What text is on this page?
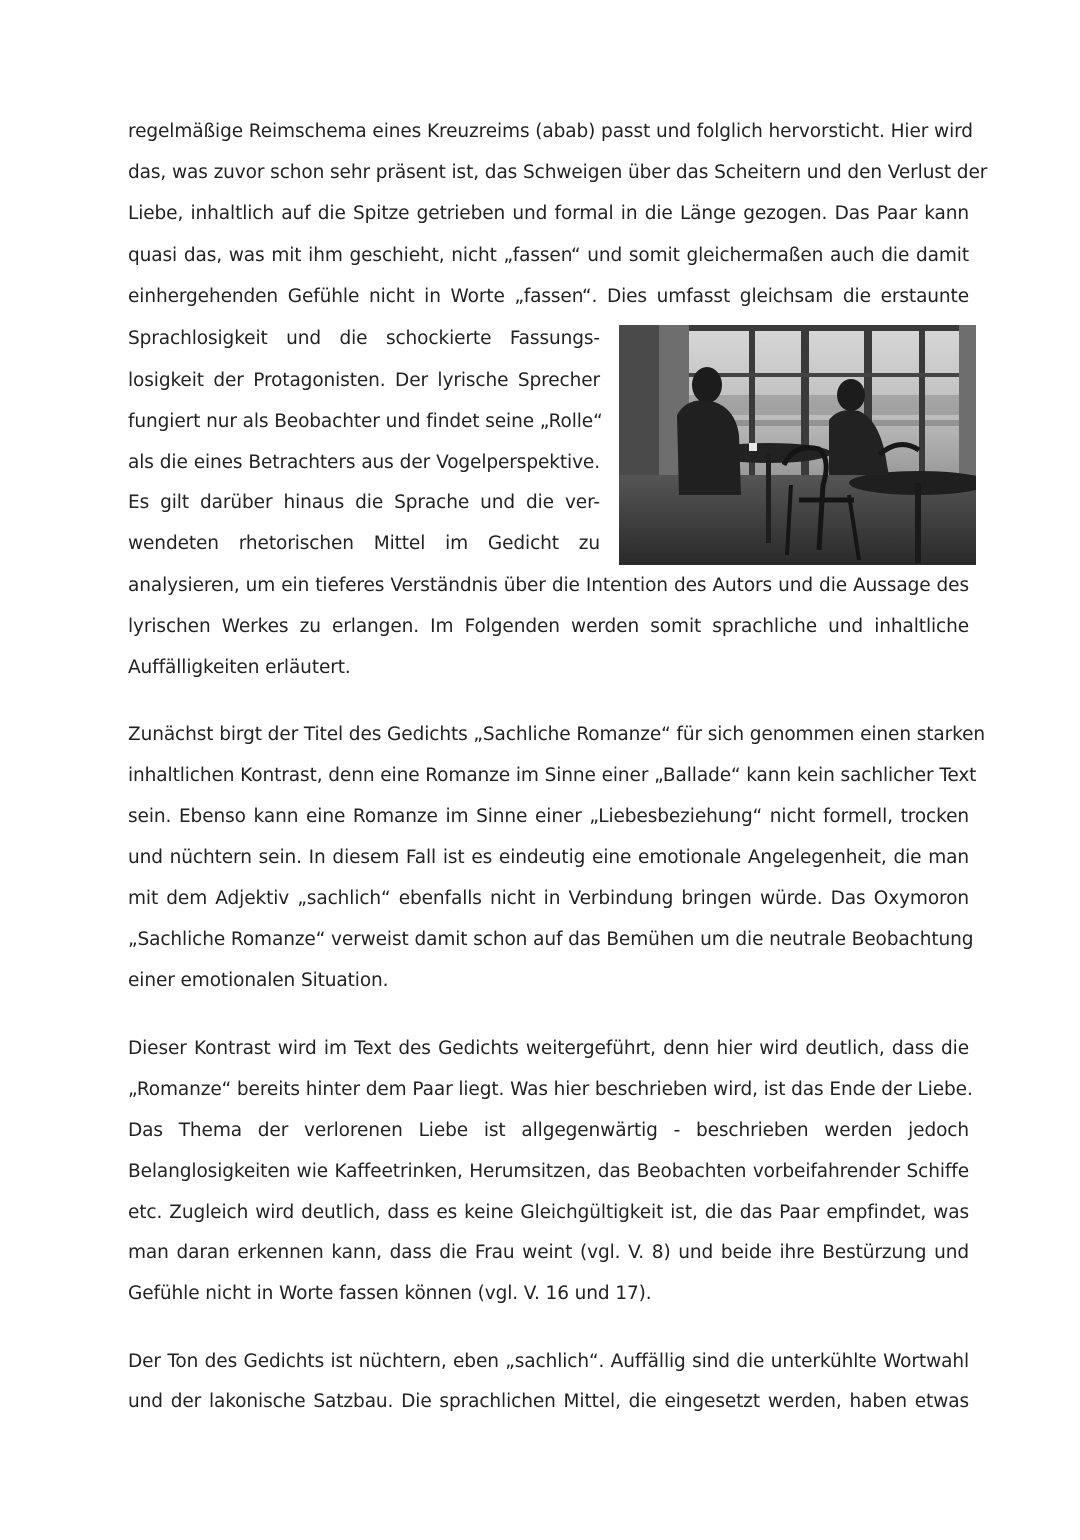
regelmäßige Reimschema eines Kreuzreims (abab) passt und folglich hervorsticht. Hier wird
das, was zuvor schon sehr präsent ist, das Schweigen über das Scheitern und den Verlust der
Liebe, inhaltlich auf die Spitze getrieben und formal in die Länge gezogen. Das Paar kann
quasi das, was mit ihm geschieht, nicht „fassen“ und somit gleichermaßen auch die damit
einhergehenden Gefühle nicht in Worte „fassen“. Dies umfasst gleichsam die erstaunte
Sprachlosigkeit und die schockierte Fassungs-
losigkeit der Protagonisten. Der lyrische Sprecher
fungiert nur als Beobachter und findet seine „Rolle“
als die eines Betrachters aus der Vogelperspektive.
Es gilt darüber hinaus die Sprache und die ver-
wendeten rhetorischen Mittel im Gedicht zu
analysieren, um ein tieferes Verständnis über die Intention des Autors und die Aussage des
lyrischen Werkes zu erlangen. Im Folgenden werden somit sprachliche und inhaltliche
Auffälligkeiten erläutert.
Zunächst birgt der Titel des Gedichts „Sachliche Romanze“ für sich genommen einen starken
inhaltlichen Kontrast, denn eine Romanze im Sinne einer „Ballade“ kann kein sachlicher Text
sein. Ebenso kann eine Romanze im Sinne einer „Liebesbeziehung“ nicht formell, trocken
und nüchtern sein. In diesem Fall ist es eindeutig eine emotionale Angelegenheit, die man
mit dem Adjektiv „sachlich“ ebenfalls nicht in Verbindung bringen würde. Das Oxymoron
„Sachliche Romanze“ verweist damit schon auf das Bemühen um die neutrale Beobachtung
einer emotionalen Situation.
Dieser Kontrast wird im Text des Gedichts weitergeführt, denn hier wird deutlich, dass die
„Romanze“ bereits hinter dem Paar liegt. Was hier beschrieben wird, ist das Ende der Liebe.
Das Thema der verlorenen Liebe ist allgegenwärtig - beschrieben werden jedoch
Belanglosigkeiten wie Kaffeetrinken, Herumsitzen, das Beobachten vorbeifahrender Schiffe
etc. Zugleich wird deutlich, dass es keine Gleichgültigkeit ist, die das Paar empfindet, was
man daran erkennen kann, dass die Frau weint (vgl. V. 8) und beide ihre Bestürzung und
Gefühle nicht in Worte fassen können (vgl. V. 16 und 17).
Der Ton des Gedichts ist nüchtern, eben „sachlich“. Auffällig sind die unterkühlte Wortwahl
und der lakonische Satzbau. Die sprachlichen Mittel, die eingesetzt werden, haben etwas
